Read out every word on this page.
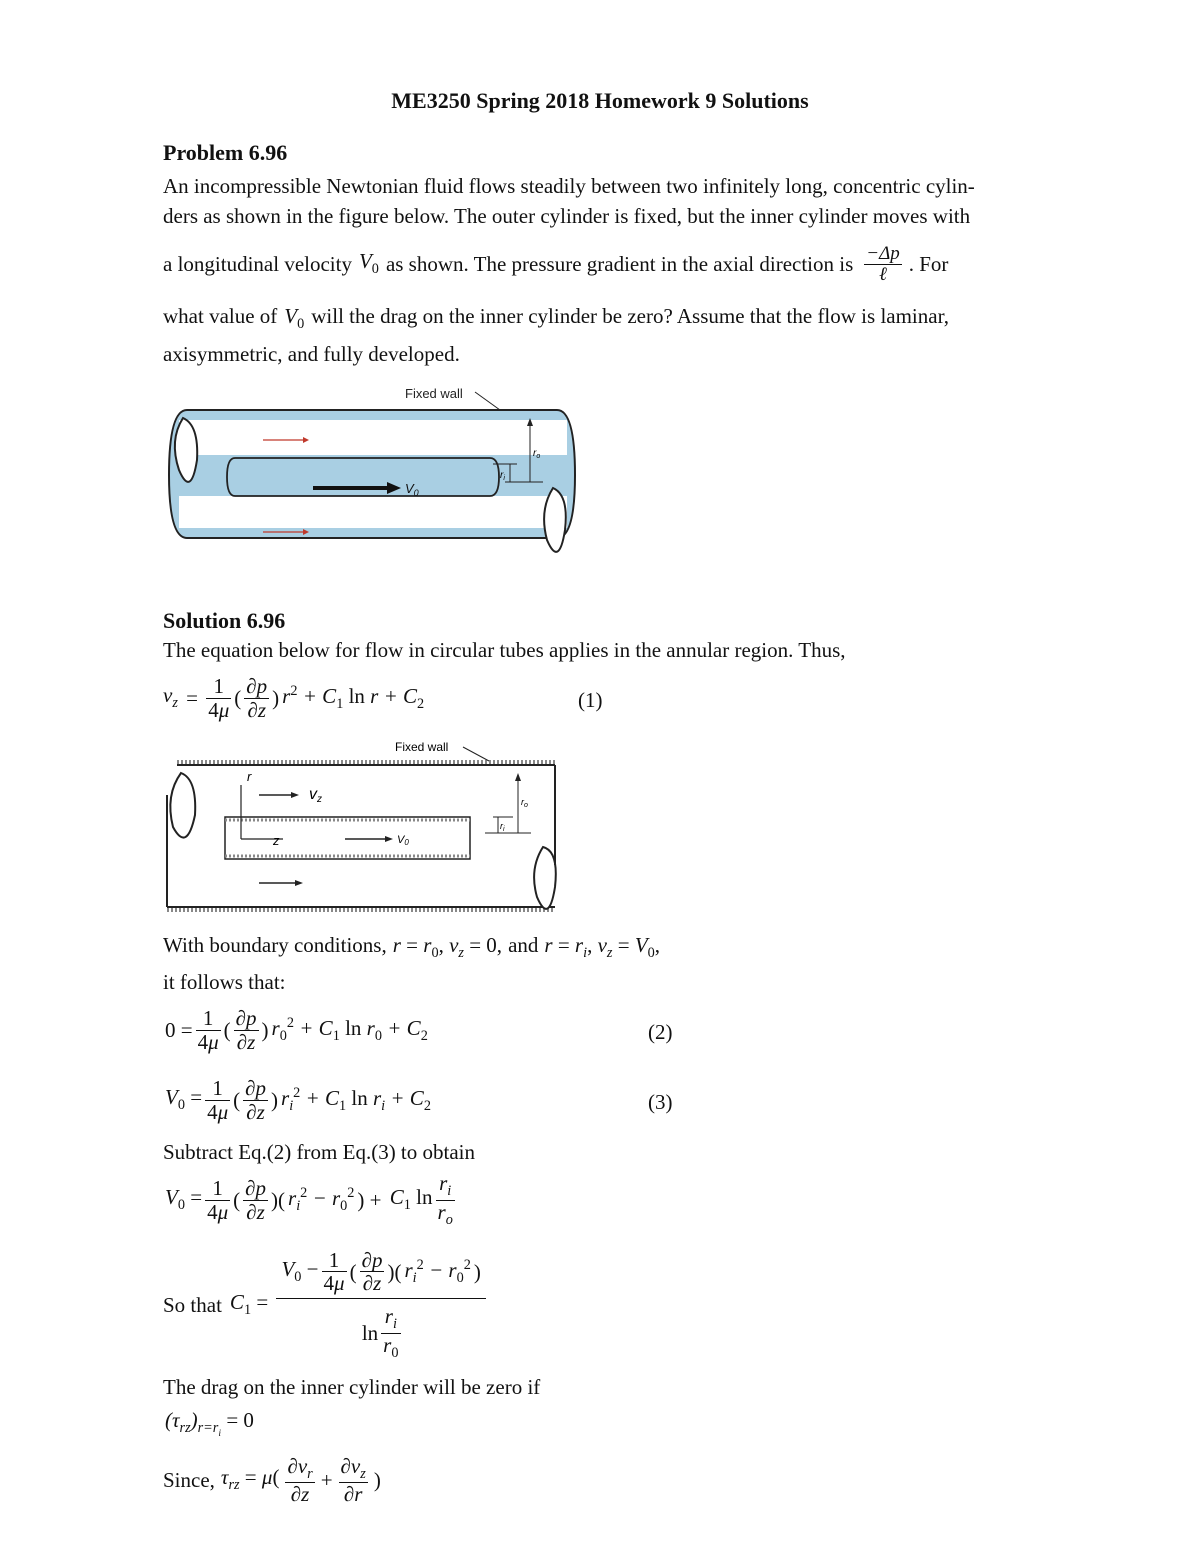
ME3250 Spring 2018 Homework 9 Solutions
Problem 6.96
An incompressible Newtonian fluid flows steadily between two infinitely long, concentric cylin-
ders as shown in the figure below. The outer cylinder is fixed, but the inner cylinder moves with
a longitudinal velocity $V_0$ as shown. The pressure gradient in the axial direction is $\frac{-\Delta p}{\text{ℓ}}$ . For
what value of $V_0$ will the drag on the inner cylinder be zero? Assume that the flow is laminar,
axisymmetric, and fully developed.
$V_0$
Fixed wall
$r_o$
$r_i$
Solution 6.96
The equation below for flow in circular tubes applies in the annular region. Thus,
$v_z = \frac{1}{4\mu}$ ( $\frac{\partial p}{\partial z}$ ) $r^2 + C_1$ $\ln r + C_2$	(1)
r
z
vz
V0
Fixed wall
$r_o$
$r_i$
With boundary conditions, $r = r_0$, $v_z = 0$, and $r = r_i$, $v_z = V_0$,
it follows that:
$0 = \frac{1}{4\mu}$ ( $\frac{\partial p}{\partial z}$ ) $r_0^2 + C_1$ $\ln r_0 + C_2$	(2)
$V_0 = \frac{1}{4\mu}$ ( $\frac{\partial p}{\partial z}$ ) $r_i^2 + C_1$ $\ln r_i + C_2$	(3)
Subtract Eq.(2) from Eq.(3) to obtain
$V_0 = \frac{1}{4\mu}$ ( $\frac{\partial p}{\partial z}$ )( $r_i^2 - r_0^2$ ) + $C_1$ $\ln \frac{r_i}{r_o}$
So that $C_1 = \frac{V_0 - \frac{1}{4\mu} ( \frac{\partial p}{\partial z} )( r_i^2 - r_0^2 )}{\ln \frac{r_i}{r_0}}$
The drag on the inner cylinder will be zero if
$(\tau_{rz})_{r=r_i} = 0$
Since, $\tau_{rz} = \mu( \frac{\partial v_r}{\partial z} + \frac{\partial v_z}{\partial r}$ )
